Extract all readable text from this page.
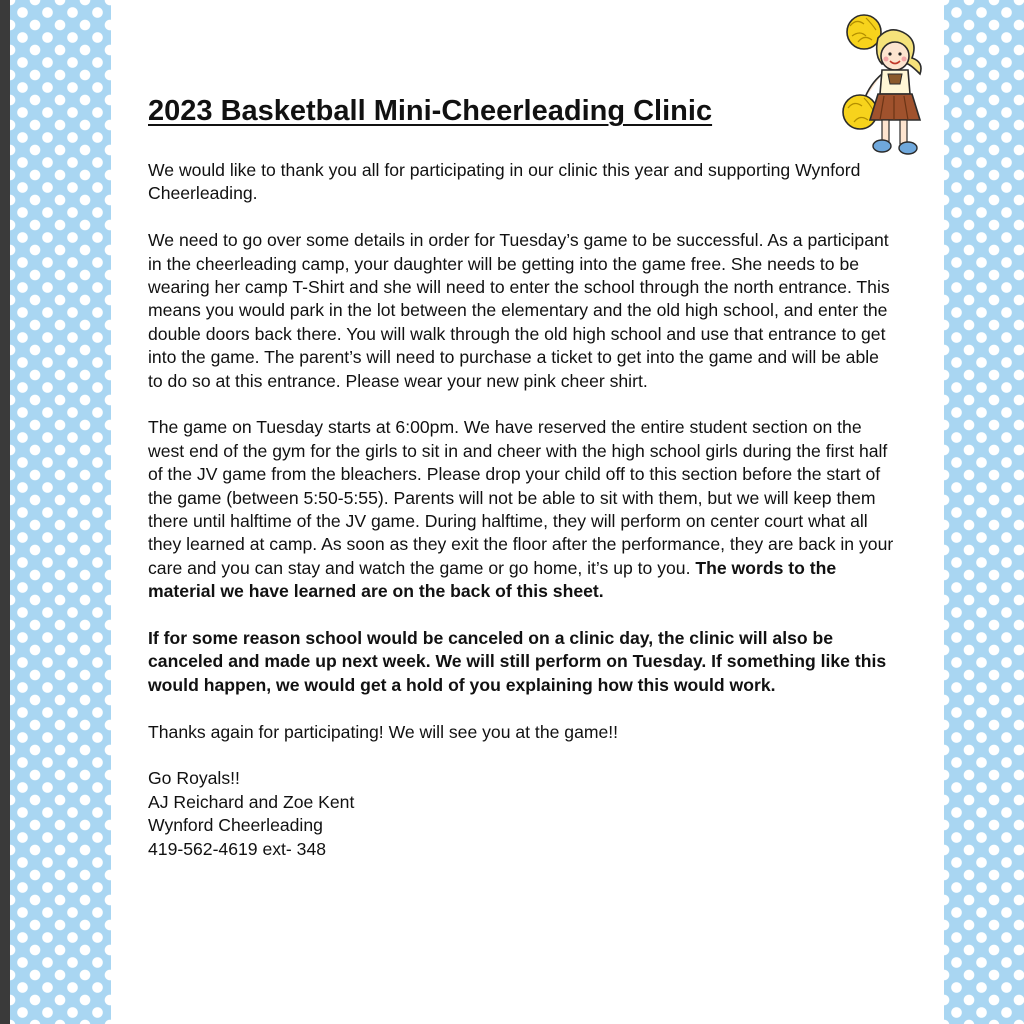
2023 Basketball Mini-Cheerleading Clinic

We would like to thank you all for participating in our clinic this year and supporting Wynford Cheerleading.

We need to go over some details in order for Tuesday’s game to be successful. As a participant in the cheerleading camp, your daughter will be getting into the game free. She needs to be wearing her camp T-Shirt and she will need to enter the school through the north entrance. This means you would park in the lot between the elementary and the old high school, and enter the double doors back there. You will walk through the old high school and use that entrance to get into the game. The parent’s will need to purchase a ticket to get into the game and will be able to do so at this entrance. Please wear your new pink cheer shirt.

The game on Tuesday starts at 6:00pm. We have reserved the entire student section on the west end of the gym for the girls to sit in and cheer with the high school girls during the first half of the JV game from the bleachers. Please drop your child off to this section before the start of the game (between 5:50-5:55). Parents will not be able to sit with them, but we will keep them there until halftime of the JV game. During halftime, they will perform on center court what all they learned at camp. As soon as they exit the floor after the performance, they are back in your care and you can stay and watch the game or go home, it’s up to you. The words to the material we have learned are on the back of this sheet.

If for some reason school would be canceled on a clinic day, the clinic will also be canceled and made up next week. We will still perform on Tuesday. If something like this would happen, we would get a hold of you explaining how this would work.

Thanks again for participating! We will see you at the game!!

Go Royals!!
AJ Reichard and Zoe Kent
Wynford Cheerleading
419-562-4619 ext- 348
